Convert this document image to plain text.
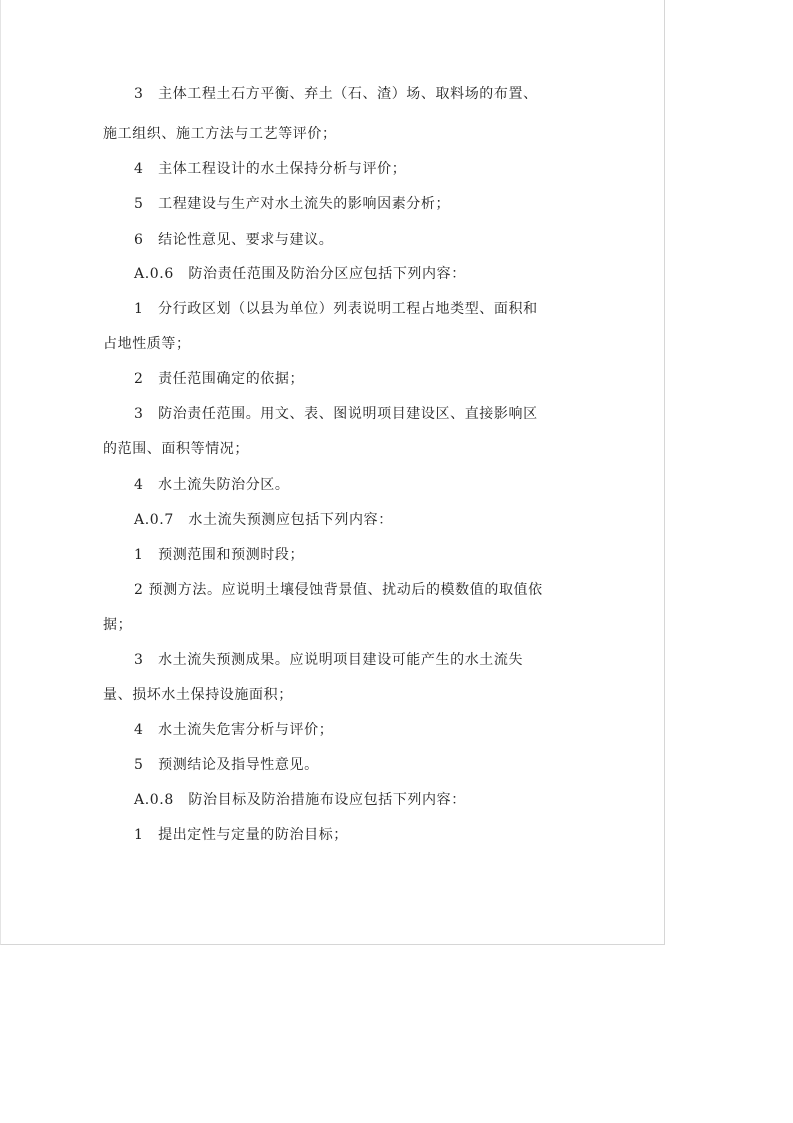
3　主体工程土石方平衡、弃土（石、渣）场、取料场的布置、
施工组织、施工方法与工艺等评价；
4　主体工程设计的水土保持分析与评价；
5　工程建设与生产对水土流失的影响因素分析；
6　结论性意见、要求与建议。
A.0.6　防治责任范围及防治分区应包括下列内容：
1　分行政区划（以县为单位）列表说明工程占地类型、面积和
占地性质等；
2　责任范围确定的依据；
3　防治责任范围。用文、表、图说明项目建设区、直接影响区
的范围、面积等情况；
4　水土流失防治分区。
A.0.7　水土流失预测应包括下列内容：
1　预测范围和预测时段；
2 预测方法。应说明土壤侵蚀背景值、扰动后的模数值的取值依
据；
3　水土流失预测成果。应说明项目建设可能产生的水土流失
量、损坏水土保持设施面积；
4　水土流失危害分析与评价；
5　预测结论及指导性意见。
A.0.8　防治目标及防治措施布设应包括下列内容：
1　提出定性与定量的防治目标；
